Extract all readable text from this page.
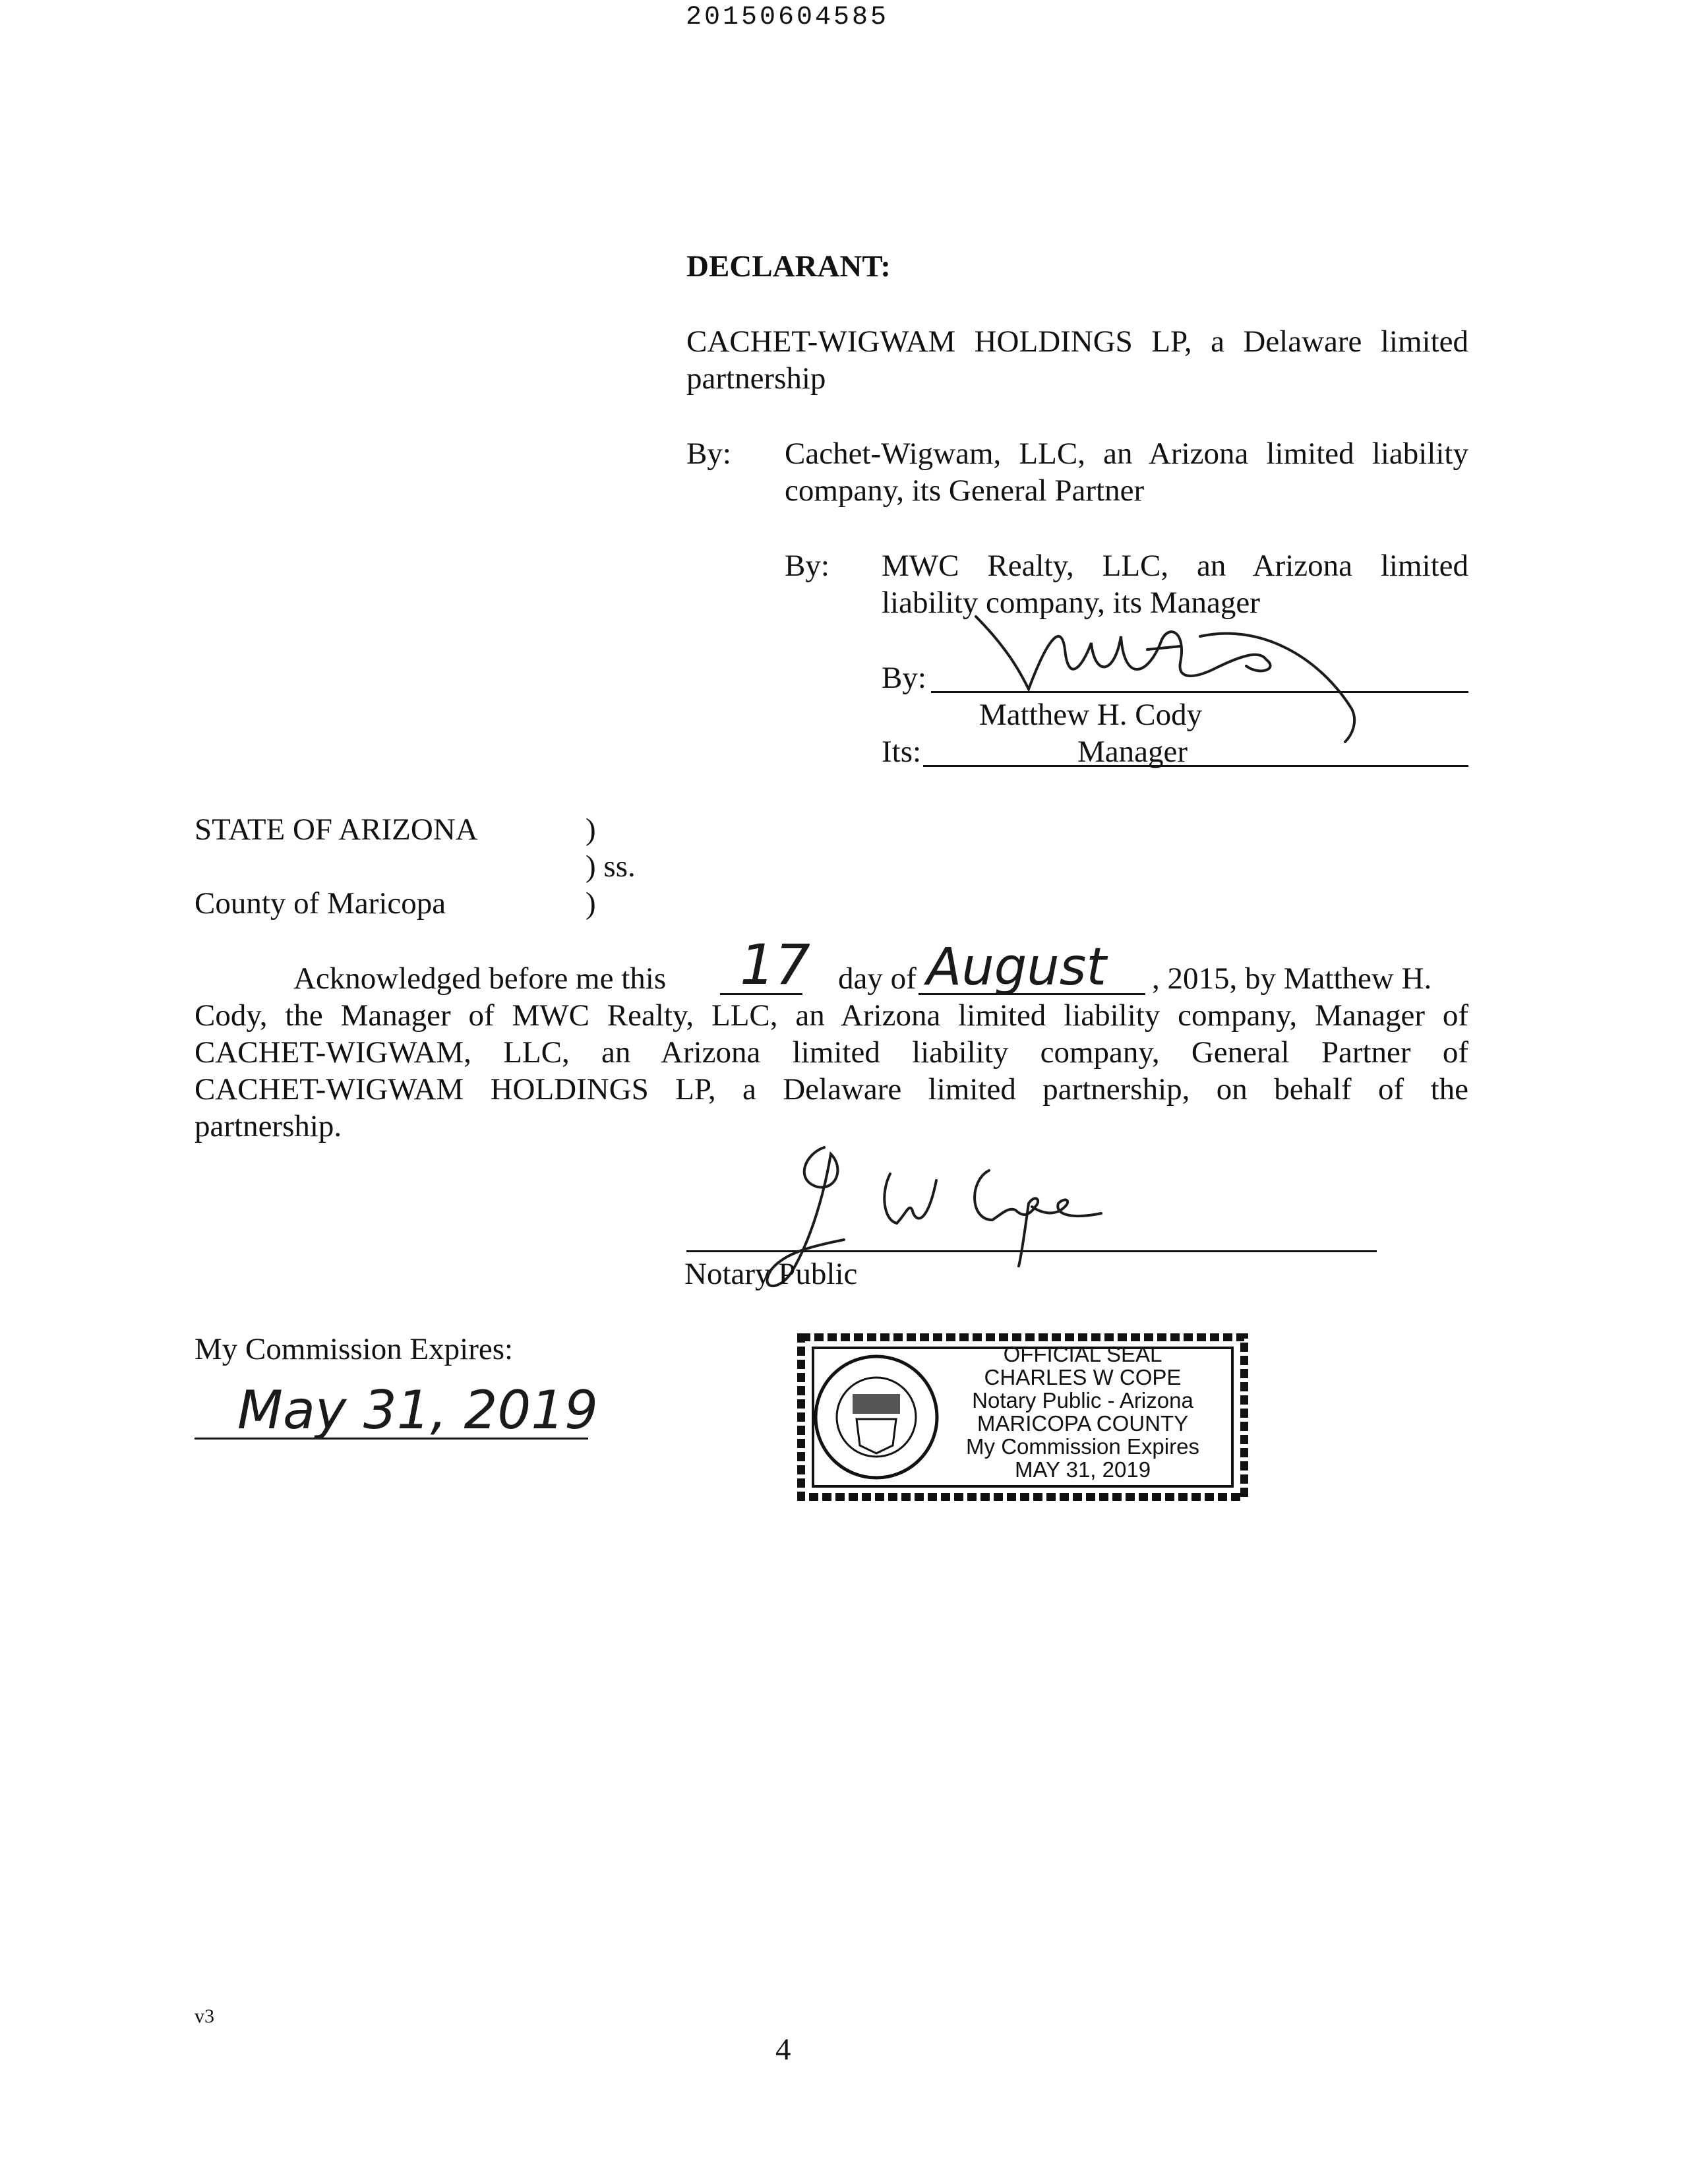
20150604585
DECLARANT:
CACHET-WIGWAM HOLDINGS LP, a Delaware limited
partnership
By: Cachet-Wigwam, LLC, an Arizona limited liability
company, its General Partner
By: MWC Realty, LLC, an Arizona limited
liability company, its Manager
By:
Matthew H. Cody
Its:	Manager
STATE OF ARIZONA	)
) ss.
County of Maricopa	)
Acknowledged before me this 17 day of August , 2015, by Matthew H.
Cody, the Manager of MWC Realty, LLC, an Arizona limited liability company, Manager of
CACHET-WIGWAM, LLC, an Arizona limited liability company, General Partner of
CACHET-WIGWAM HOLDINGS LP, a Delaware limited partnership, on behalf of the
partnership.
Notary Public
My Commission Expires:
May 31, 2019
OFFICIAL SEAL
CHARLES W COPE
Notary Public - Arizona
MARICOPA COUNTY
My Commission Expires
MAY 31, 2019
v3
4
